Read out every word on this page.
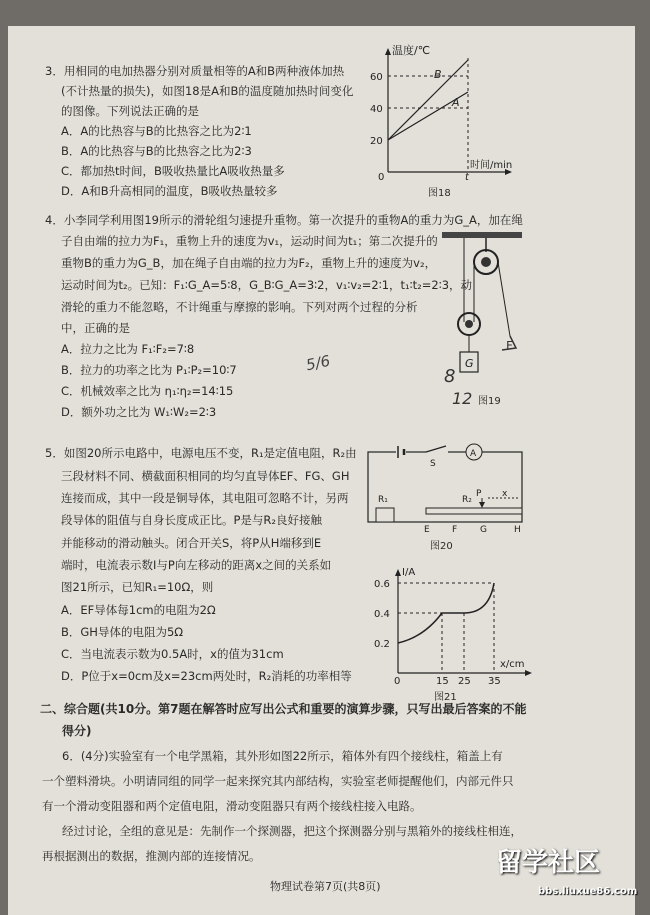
3．用相同的电加热器分别对质量相等的A和B两种液体加热
(不计热量的损失)，如图18是A和B的温度随加热时间变化
的图像。下列说法正确的是
A．A的比热容与B的比热容之比为2∶1
B．A的比热容与B的比热容之比为2∶3
C．都加热t时间，B吸收热量比A吸收热量多
D．A和B升高相同的温度，B吸收热量较多
温度/℃
时间/min
60
40
20
0	t
B
A
图18
4．小李同学利用图19所示的滑轮组匀速提升重物。第一次提升的重物A的重力为G_A，加在绳
子自由端的拉力为F₁，重物上升的速度为v₁，运动时间为t₁；第二次提升的
重物B的重力为G_B，加在绳子自由端的拉力为F₂，重物上升的速度为v₂，
运动时间为t₂。已知：F₁∶G_A=5∶8，G_B∶G_A=3∶2，v₁∶v₂=2∶1，t₁∶t₂=2∶3，动
滑轮的重力不能忽略，不计绳重与摩擦的影响。下列对两个过程的分析
中，正确的是
A．拉力之比为 F₁∶F₂=7∶8
B．拉力的功率之比为 P₁∶P₂=10∶7
C．机械效率之比为 η₁∶η₂=14∶15
D．额外功之比为 W₁∶W₂=2∶3
G
F
8
12 图19
5/6
5．如图20所示电路中，电源电压不变，R₁是定值电阻，R₂由
三段材料不同、横截面积相同的均匀直导体EF、FG、GH
连接而成，其中一段是铜导体，其电阻可忽略不计，另两
段导体的阻值与自身长度成正比。P是与R₂良好接触
并能移动的滑动触头。闭合开关S，将P从H端移到E
端时，电流表示数I与P向左移动的距离x之间的关系如
图21所示，已知R₁=10Ω，则
A．EF导体每1cm的电阻为2Ω
B．GH导体的电阻为5Ω
C．当电流表示数为0.5A时，x的值为31cm
D．P位于x=0cm及x=23cm两处时，R₂消耗的功率相等
S
A
R₁	R₂
P x
E F	G	H
图20
I/A
x/cm
0.6
0.4
0.2
0	15 25 35
图21
二、综合题(共10分。第7题在解答时应写出公式和重要的演算步骤，只写出最后答案的不能
得分)
6．(4分)实验室有一个电学黑箱，其外形如图22所示，箱体外有四个接线柱，箱盖上有
一个塑料滑块。小明请同组的同学一起来探究其内部结构，实验室老师提醒他们，内部元件只
有一个滑动变阻器和两个定值电阻，滑动变阻器只有两个接线柱接入电路。
经过讨论，全组的意见是：先制作一个探测器，把这个探测器分别与黑箱外的接线柱相连，
再根据测出的数据，推测内部的连接情况。
物理试卷第7页(共8页)
留学社区
bbs.liuxue86.com
